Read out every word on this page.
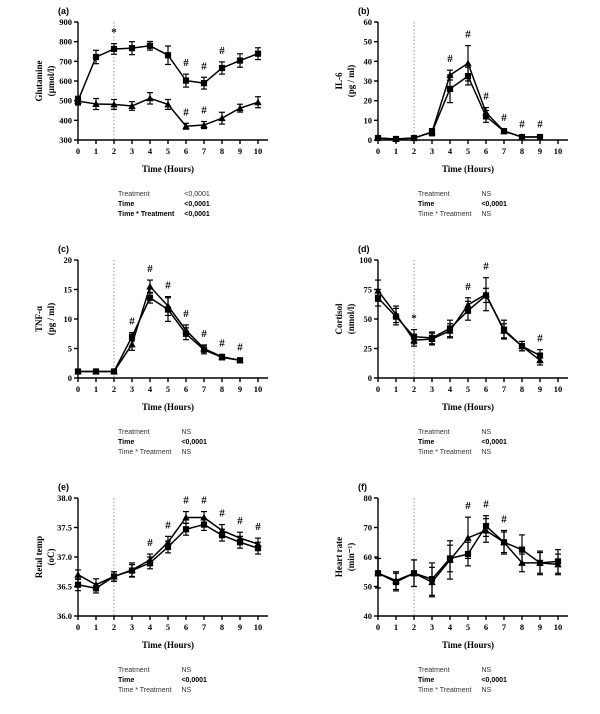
(a)
300
400
500
600
700
800
900
0 1 2 3 4 5 6 7 8 9 10
Time (Hours)
Glutamine (µmol/l)
*
# #
#
# #
Treatment	<0,0001
Time	<0,0001
Time * Treatment	<0,0001
(b)
0
10
20
30
40
50
60
0 1 2 3 4 5 6 7 8 9 10
Time (Hours)
IL-6 (pg / ml)
#
#
#
#
# #
Treatment	NS
Time	<0,0001
Time * Treatment	NS
(c)
0
5
10
15
20
0 1 2 3 4 5 6 7 8 9 10
Time (Hours)
TNF-α (pg / ml)	#
#
#
#
#
# #
Treatment	NS
Time	<0,0001
Time * Treatment	NS
(d)
0
25
50
75
100
0 1 2 3 4 5 6 7 8 9 10
Time (Hours)
Cortisol (nmol/l)	*
#
#
#
Treatment	NS
Time	<0,0001
Time * Treatment	NS
(e)
36.0
36.5
37.0
37.5
38.0
0 1 2 3 4 5 6 7 8 9 10
Time (Hours)
Retal temp (oC)
#
#
# #
#
# #
Treatment	NS
Time	<0,0001
Time * Treatment	NS
(f)
40
50
60
70
80
0 1 2 3 4 5 6 7 8 9 10
Time (Hours)
Heart rate (min⁻¹)
# #
#
Treatment	NS
Time	<0,0001
Time * Treatment	NS
